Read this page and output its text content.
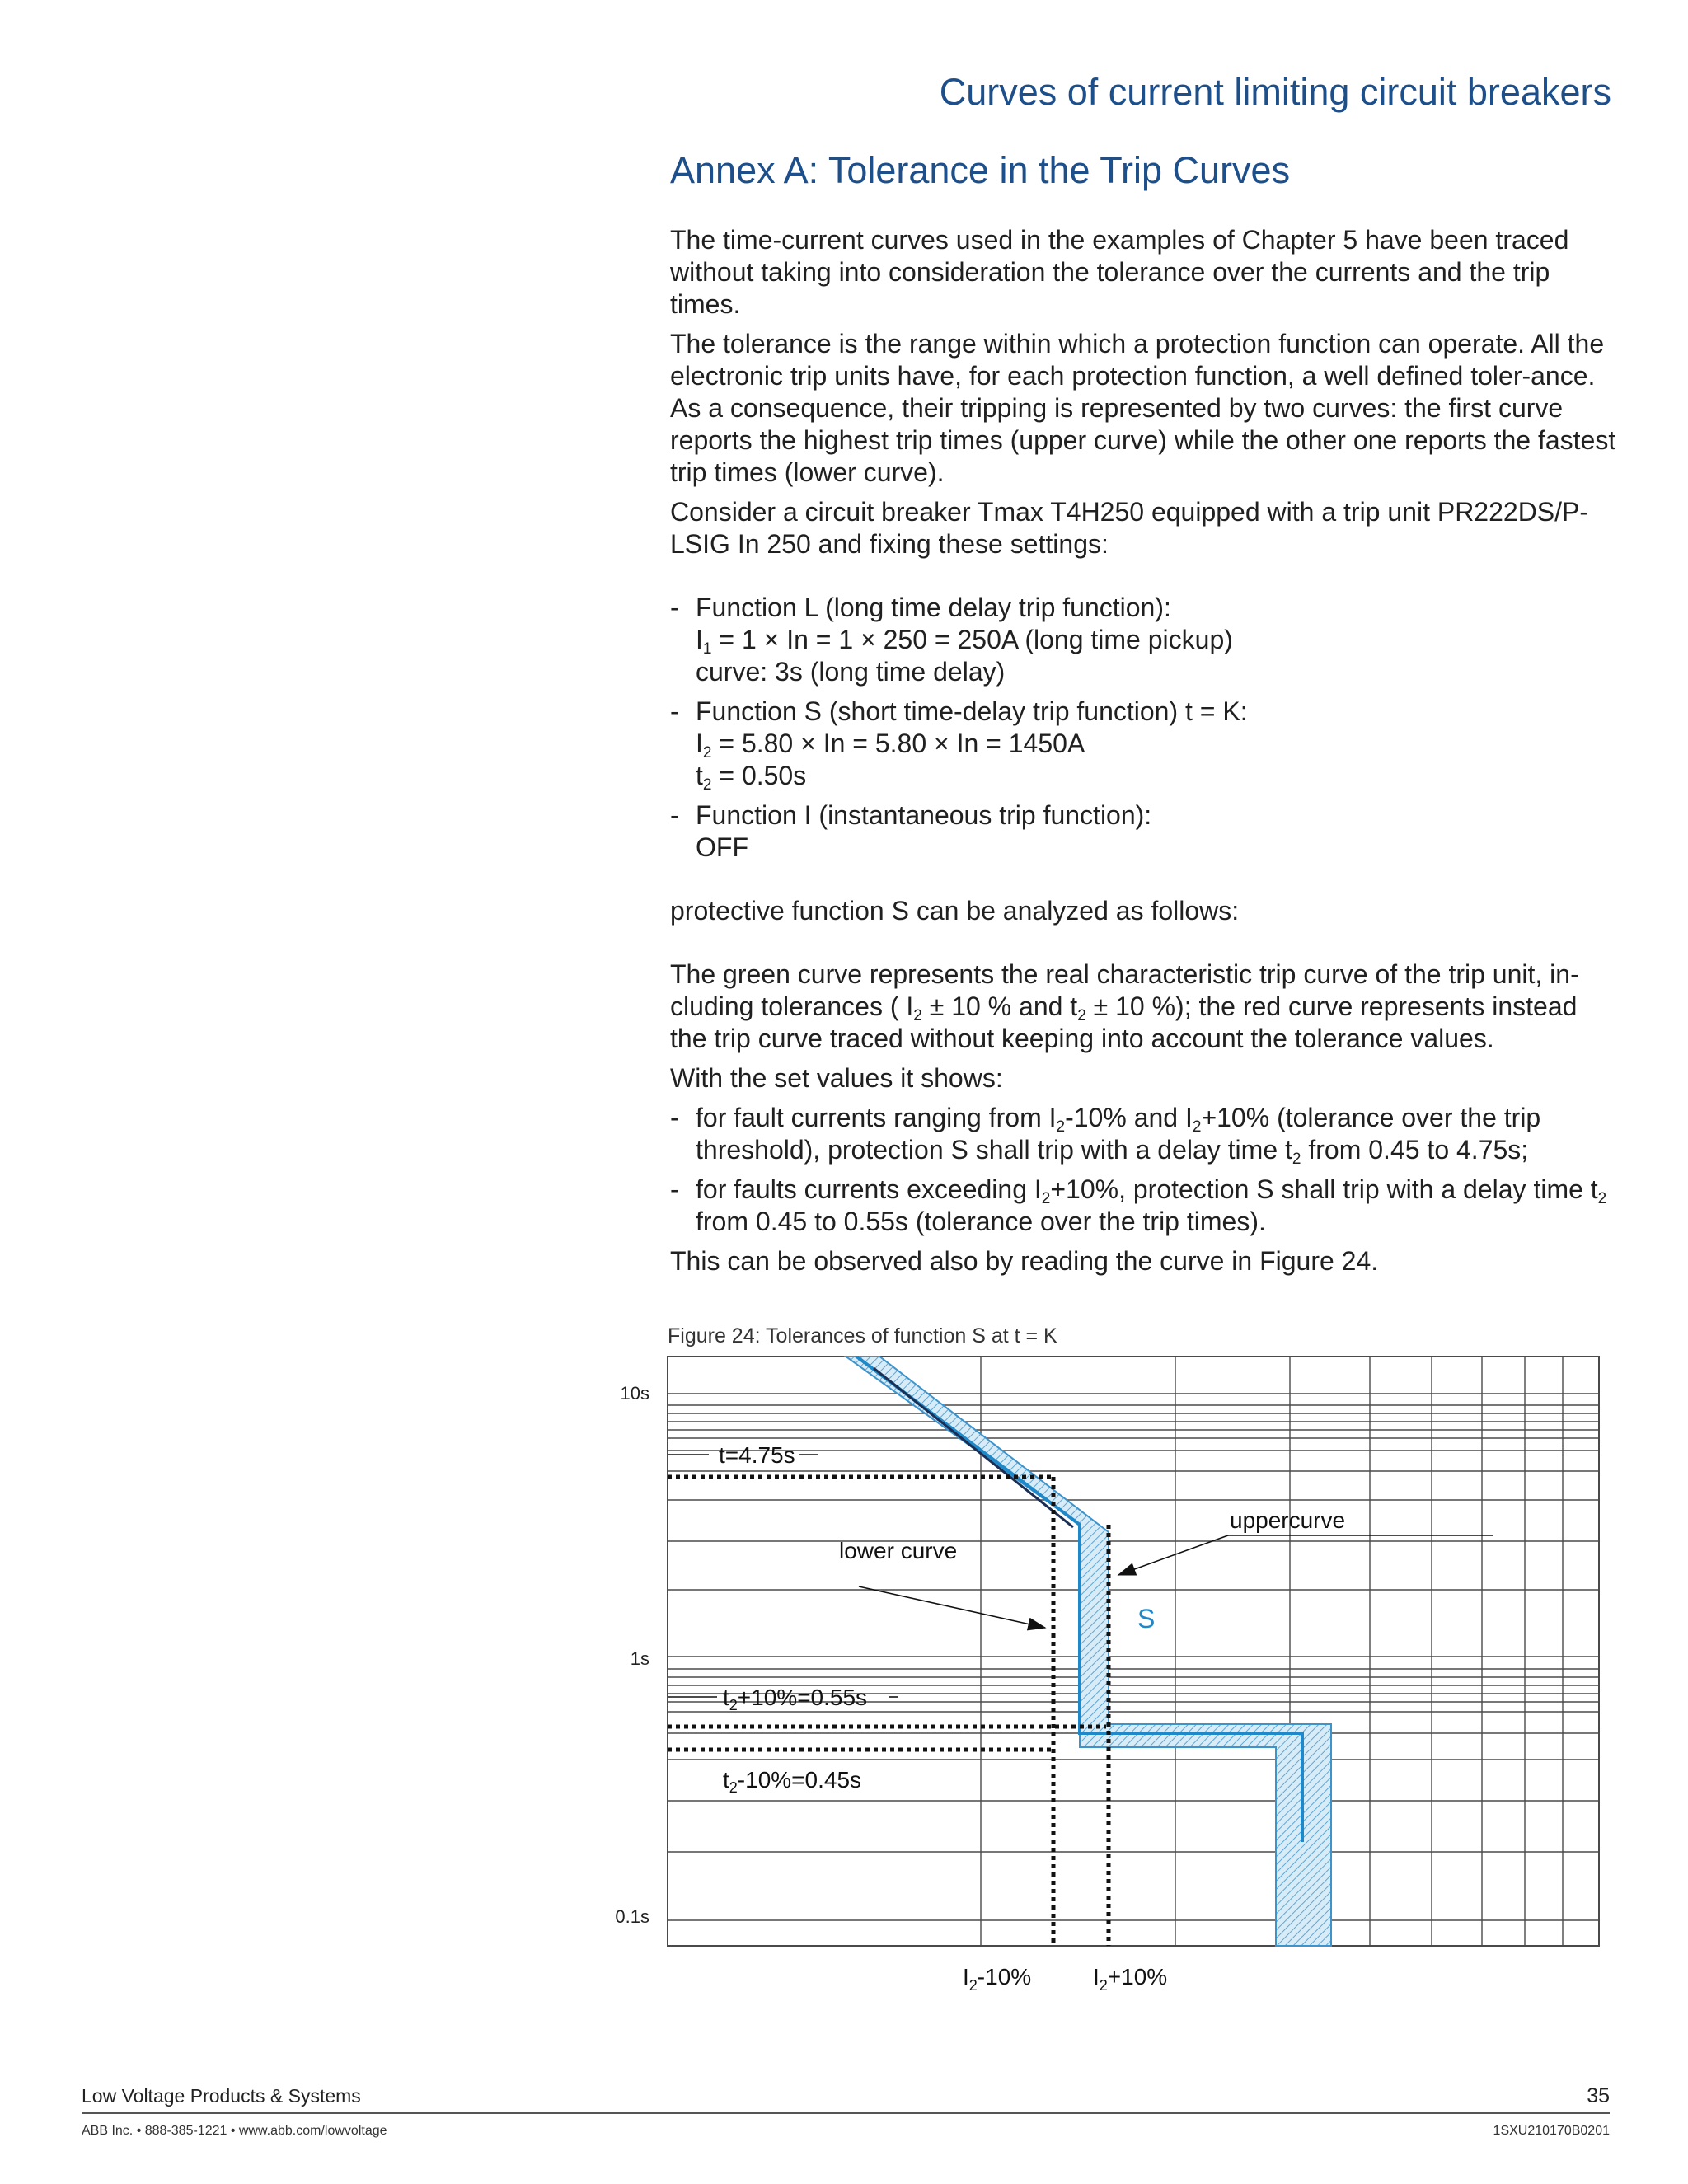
Curves of current limiting circuit breakers
Annex A: Tolerance in the Trip Curves

The time-current curves used in the examples of Chapter 5 have been traced without taking into consideration the tolerance over the currents and the trip times.

The tolerance is the range within which a protection function can operate. All the electronic trip units have, for each protection function, a well defined toler-ance.

As a consequence, their tripping is represented by two curves: the first curve reports the highest trip times (upper curve) while the other one reports the fastest trip times (lower curve).

Consider a circuit breaker Tmax T4H250 equipped with a trip unit PR222DS/P-LSIG In 250 and fixing these settings:

- Function L (long time delay trip function):
$I_1 = 1 \times In = 1 \times 250 = 250A$ (long time pickup)
curve: 3s (long time delay)
- Function S (short time-delay trip function) t = K:
$I_2 = 5.80 \times In = 5.80 \times In = 1450A$
$t_2 = 0.50s$
- Function I (instantaneous trip function):
OFF

protective function S can be analyzed as follows:

The green curve represents the real characteristic trip curve of the trip unit, in-cluding tolerances ( $I_2 \pm 10$ % and $t_2 \pm 10$ %); the red curve represents instead the trip curve traced without keeping into account the tolerance values.

With the set values it shows:

- for fault currents ranging from $I_2-10\%$ and $I_2+10\%$ (tolerance over the trip threshold), protection S shall trip with a delay time $t_2$ from 0.45 to 4.75s;
- for faults currents exceeding $I_2+10\%$, protection S shall trip with a delay time $t_2$ from 0.45 to 0.55s (tolerance over the trip times).

This can be observed also by reading the curve in Figure 24.

Figure 24: Tolerances of function S at t = K
10s
1s
0.1s
t=4.75s
$t_2+10\%=0.55s$
$t_2-10\%=0.45s$
lower curve
uppercurve
S
$I_2-10\%$	$I_2+10\%$
Low Voltage Products & Systems	35
ABB Inc. • 888-385-1221 • www.abb.com/lowvoltage	1SXU210170B0201
